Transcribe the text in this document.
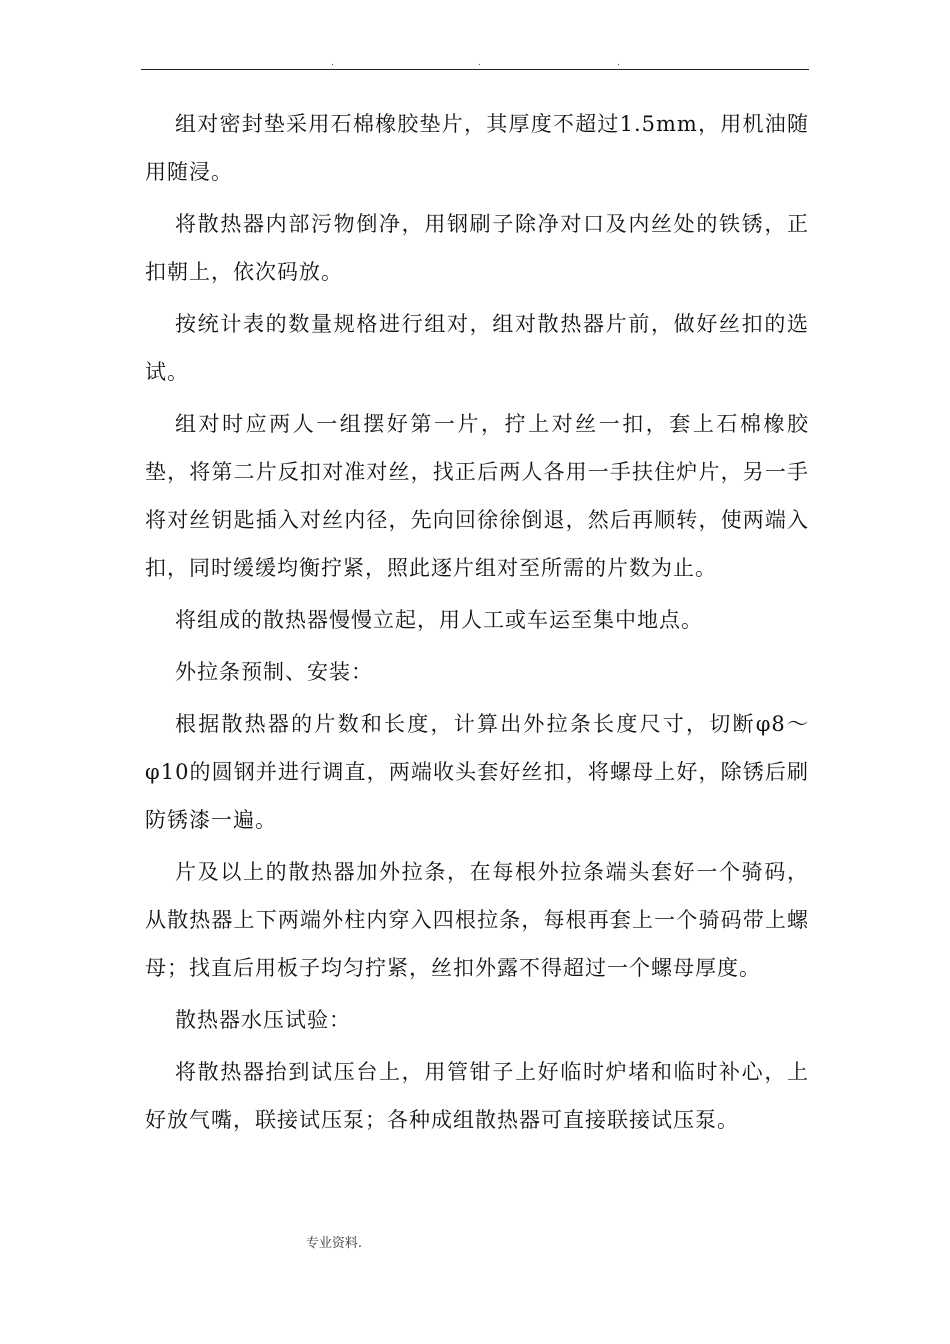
.	.	.

组对密封垫采用石棉橡胶垫片，其厚度不超过1.5mm，用机油随用随浸。

将散热器内部污物倒净，用钢刷子除净对口及内丝处的铁锈，正扣朝上，依次码放。

按统计表的数量规格进行组对，组对散热器片前，做好丝扣的选试。

组对时应两人一组摆好第一片，拧上对丝一扣，套上石棉橡胶垫，将第二片反扣对准对丝，找正后两人各用一手扶住炉片，另一手将对丝钥匙插入对丝内径，先向回徐徐倒退，然后再顺转，使两端入扣，同时缓缓均衡拧紧，照此逐片组对至所需的片数为止。

将组成的散热器慢慢立起，用人工或车运至集中地点。

外拉条预制、安装：

根据散热器的片数和长度，计算出外拉条长度尺寸，切断φ8～φ10的圆钢并进行调直，两端收头套好丝扣，将螺母上好，除锈后刷防锈漆一遍。

片及以上的散热器加外拉条，在每根外拉条端头套好一个骑码，从散热器上下两端外柱内穿入四根拉条，每根再套上一个骑码带上螺母；找直后用板子均匀拧紧，丝扣外露不得超过一个螺母厚度。

散热器水压试验：

将散热器抬到试压台上，用管钳子上好临时炉堵和临时补心，上好放气嘴，联接试压泵；各种成组散热器可直接联接试压泵。

专业资料.
